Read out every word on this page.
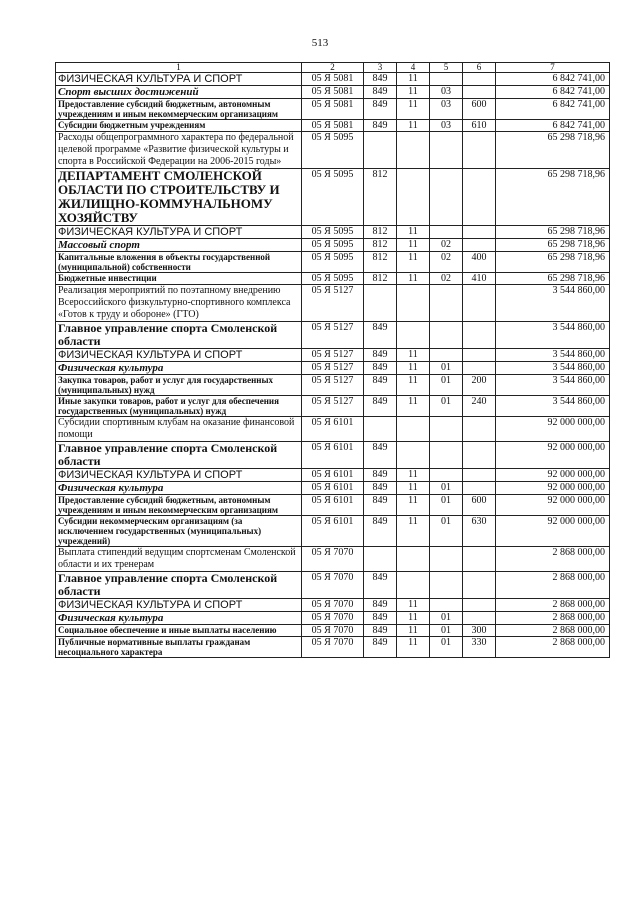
513
1	2	3	4	5	6	7
ФИЗИЧЕСКАЯ КУЛЬТУРА И СПОРТ	05 Я 5081	849	11			6 842 741,00
Спорт высших достижений	05 Я 5081	849	11	03		6 842 741,00
Предоставление субсидий бюджетным, автономным учреждениям и иным некоммерческим организациям	05 Я 5081	849	11	03	600	6 842 741,00
Субсидии бюджетным учреждениям	05 Я 5081	849	11	03	610	6 842 741,00
Расходы общепрограммного характера по федеральной целевой программе «Развитие физической культуры и спорта в Российской Федерации на 2006-2015 годы»	05 Я 5095					65 298 718,96
ДЕПАРТАМЕНТ СМОЛЕНСКОЙ ОБЛАСТИ ПО СТРОИТЕЛЬСТВУ И ЖИЛИЩНО-КОММУНАЛЬНОМУ ХОЗЯЙСТВУ	05 Я 5095	812				65 298 718,96
ФИЗИЧЕСКАЯ КУЛЬТУРА И СПОРТ	05 Я 5095	812	11			65 298 718,96
Массовый спорт	05 Я 5095	812	11	02		65 298 718,96
Капитальные вложения в объекты государственной (муниципальной) собственности	05 Я 5095	812	11	02	400	65 298 718,96
Бюджетные инвестиции	05 Я 5095	812	11	02	410	65 298 718,96
Реализация мероприятий по поэтапному внедрению Всероссийского физкультурно-спортивного комплекса «Готов к труду и обороне» (ГТО)	05 Я 5127					3 544 860,00
Главное управление спорта Смоленской области	05 Я 5127	849				3 544 860,00
ФИЗИЧЕСКАЯ КУЛЬТУРА И СПОРТ	05 Я 5127	849	11			3 544 860,00
Физическая культура	05 Я 5127	849	11	01		3 544 860,00
Закупка товаров, работ и услуг для государственных (муниципальных) нужд	05 Я 5127	849	11	01	200	3 544 860,00
Иные закупки товаров, работ и услуг для обеспечения государственных (муниципальных) нужд	05 Я 5127	849	11	01	240	3 544 860,00
Субсидии спортивным клубам на оказание финансовой помощи	05 Я 6101					92 000 000,00
Главное управление спорта Смоленской области	05 Я 6101	849				92 000 000,00
ФИЗИЧЕСКАЯ КУЛЬТУРА И СПОРТ	05 Я 6101	849	11			92 000 000,00
Физическая культура	05 Я 6101	849	11	01		92 000 000,00
Предоставление субсидий бюджетным, автономным учреждениям и иным некоммерческим организациям	05 Я 6101	849	11	01	600	92 000 000,00
Субсидии некоммерческим организациям (за исключением государственных (муниципальных) учреждений)	05 Я 6101	849	11	01	630	92 000 000,00
Выплата стипендий ведущим спортсменам Смоленской области и их тренерам	05 Я 7070					2 868 000,00
Главное управление спорта Смоленской области	05 Я 7070	849				2 868 000,00
ФИЗИЧЕСКАЯ КУЛЬТУРА И СПОРТ	05 Я 7070	849	11			2 868 000,00
Физическая культура	05 Я 7070	849	11	01		2 868 000,00
Социальное обеспечение и иные выплаты населению	05 Я 7070	849	11	01	300	2 868 000,00
Публичные нормативные выплаты гражданам несоциального характера	05 Я 7070	849	11	01	330	2 868 000,00
